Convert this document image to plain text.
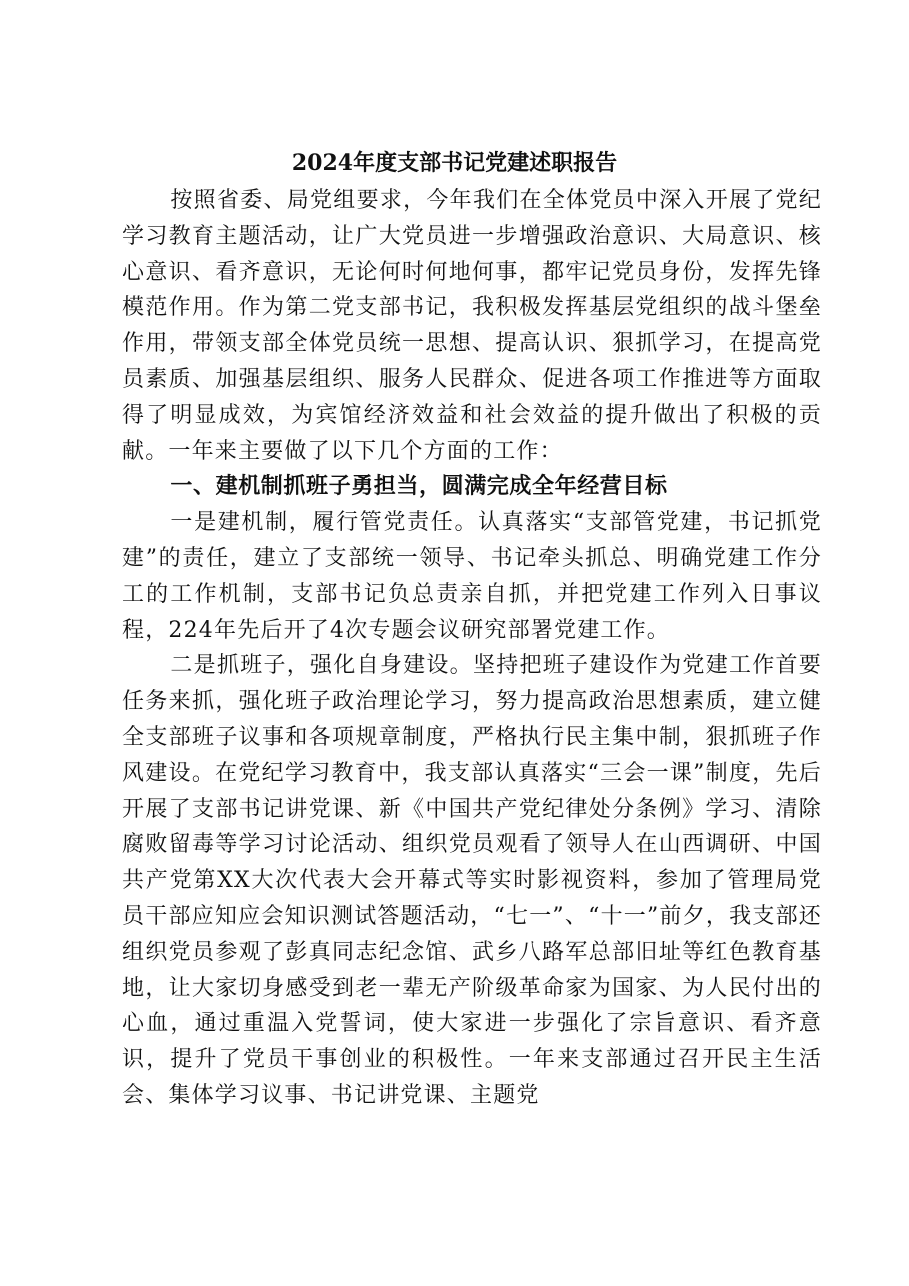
2024年度支部书记党建述职报告

按照省委、局党组要求，今年我们在全体党员中深入开展了党纪学习教育主题活动，让广大党员进一步增强政治意识、大局意识、核心意识、看齐意识，无论何时何地何事，都牢记党员身份，发挥先锋模范作用。作为第二党支部书记，我积极发挥基层党组织的战斗堡垒作用，带领支部全体党员统一思想、提高认识、狠抓学习，在提高党员素质、加强基层组织、服务人民群众、促进各项工作推进等方面取得了明显成效，为宾馆经济效益和社会效益的提升做出了积极的贡献。一年来主要做了以下几个方面的工作：

一、建机制抓班子勇担当，圆满完成全年经营目标

一是建机制，履行管党责任。认真落实“支部管党建，书记抓党建”的责任，建立了支部统一领导、书记牵头抓总、明确党建工作分工的工作机制，支部书记负总责亲自抓，并把党建工作列入日事议程，224年先后开了4次专题会议研究部署党建工作。

二是抓班子，强化自身建设。坚持把班子建设作为党建工作首要任务来抓，强化班子政治理论学习，努力提高政治思想素质，建立健全支部班子议事和各项规章制度，严格执行民主集中制，狠抓班子作风建设。在党纪学习教育中，我支部认真落实“三会一课”制度，先后开展了支部书记讲党课、新《中国共产党纪律处分条例》学习、清除腐败留毒等学习讨论活动、组织党员观看了领导人在山西调研、中国共产党第XX大次代表大会开幕式等实时影视资料，参加了管理局党员干部应知应会知识测试答题活动，“七一”、“十一”前夕，我支部还组织党员参观了彭真同志纪念馆、武乡八路军总部旧址等红色教育基地，让大家切身感受到老一辈无产阶级革命家为国家、为人民付出的心血，通过重温入党誓词，使大家进一步强化了宗旨意识、看齐意识，提升了党员干事创业的积极性。一年来支部通过召开民主生活会、集体学习议事、书记讲党课、主题党
